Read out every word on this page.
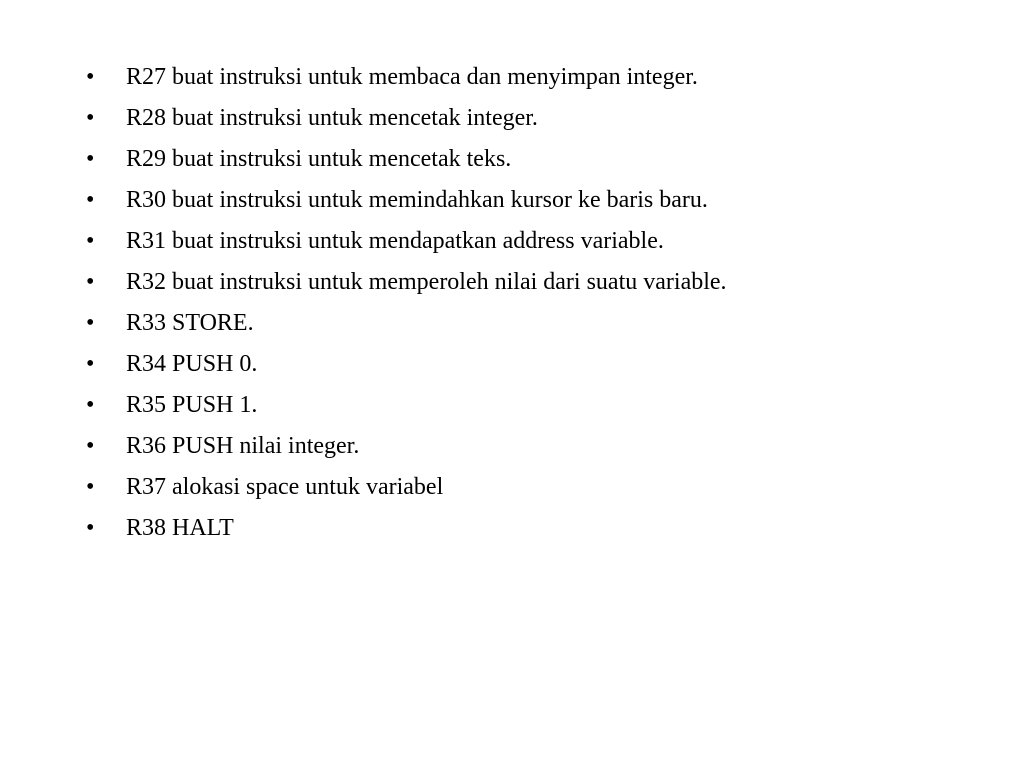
•	R27 buat instruksi untuk membaca dan menyimpan integer.
•	R28 buat instruksi untuk mencetak integer.
•	R29 buat instruksi untuk mencetak teks.
•	R30 buat instruksi untuk memindahkan kursor ke baris baru.
•	R31 buat instruksi untuk mendapatkan address variable.
•	R32 buat instruksi untuk memperoleh nilai dari suatu variable.
•	R33 STORE.
•	R34 PUSH 0.
•	R35 PUSH 1.
•	R36 PUSH nilai integer.
•	R37 alokasi space untuk variabel
•	R38 HALT
